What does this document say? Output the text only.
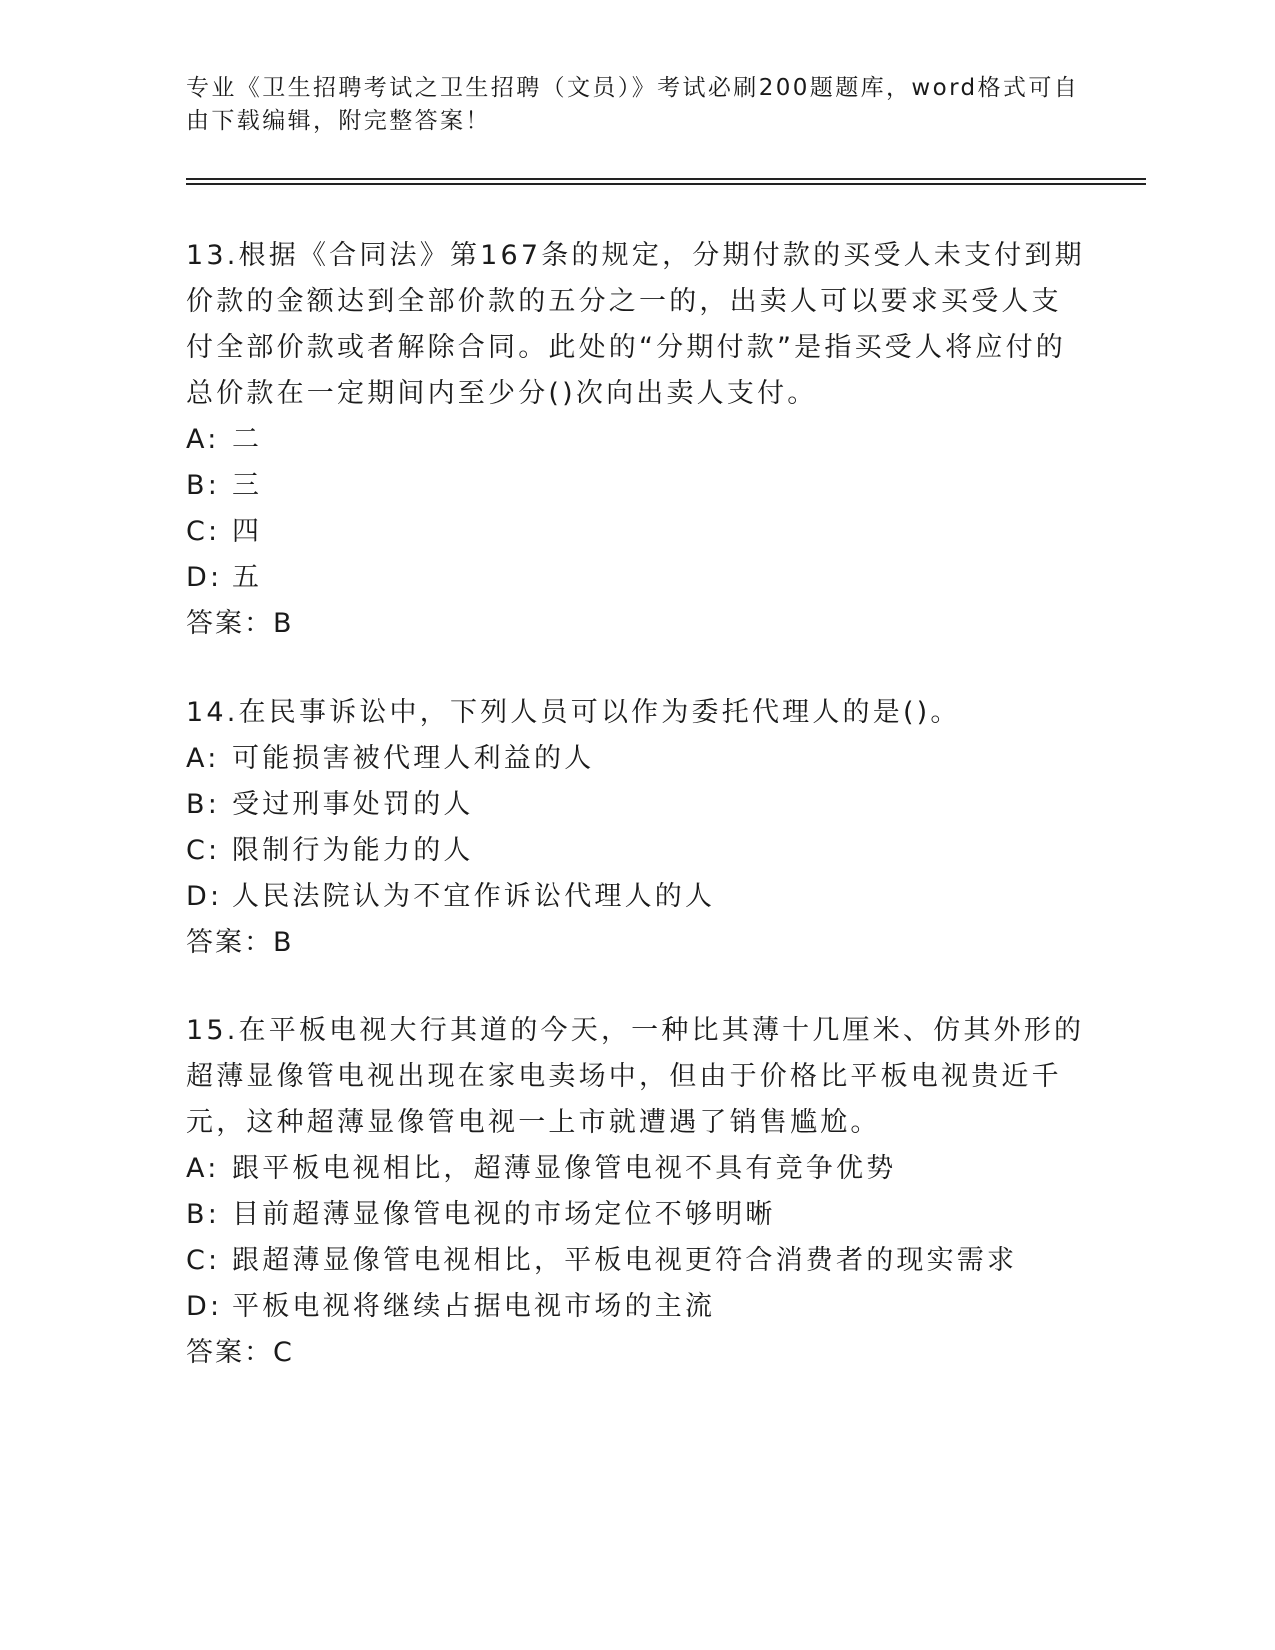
专业《卫生招聘考试之卫生招聘（文员）》考试必刷200题题库，word格式可自由下载编辑，附完整答案！

13.根据《合同法》第167条的规定，分期付款的买受人未支付到期价款的金额达到全部价款的五分之一的，出卖人可以要求买受人支付全部价款或者解除合同。此处的“分期付款”是指买受人将应付的总价款在一定期间内至少分()次向出卖人支付。

A: 二

B: 三

C: 四

D: 五

答案：B

14.在民事诉讼中，下列人员可以作为委托代理人的是()。

A: 可能损害被代理人利益的人

B: 受过刑事处罚的人

C: 限制行为能力的人

D: 人民法院认为不宜作诉讼代理人的人

答案：B

15.在平板电视大行其道的今天，一种比其薄十几厘米、仿其外形的超薄显像管电视出现在家电卖场中，但由于价格比平板电视贵近千元，这种超薄显像管电视一上市就遭遇了销售尴尬。

A: 跟平板电视相比，超薄显像管电视不具有竞争优势

B: 目前超薄显像管电视的市场定位不够明晰

C: 跟超薄显像管电视相比，平板电视更符合消费者的现实需求

D: 平板电视将继续占据电视市场的主流

答案：C
